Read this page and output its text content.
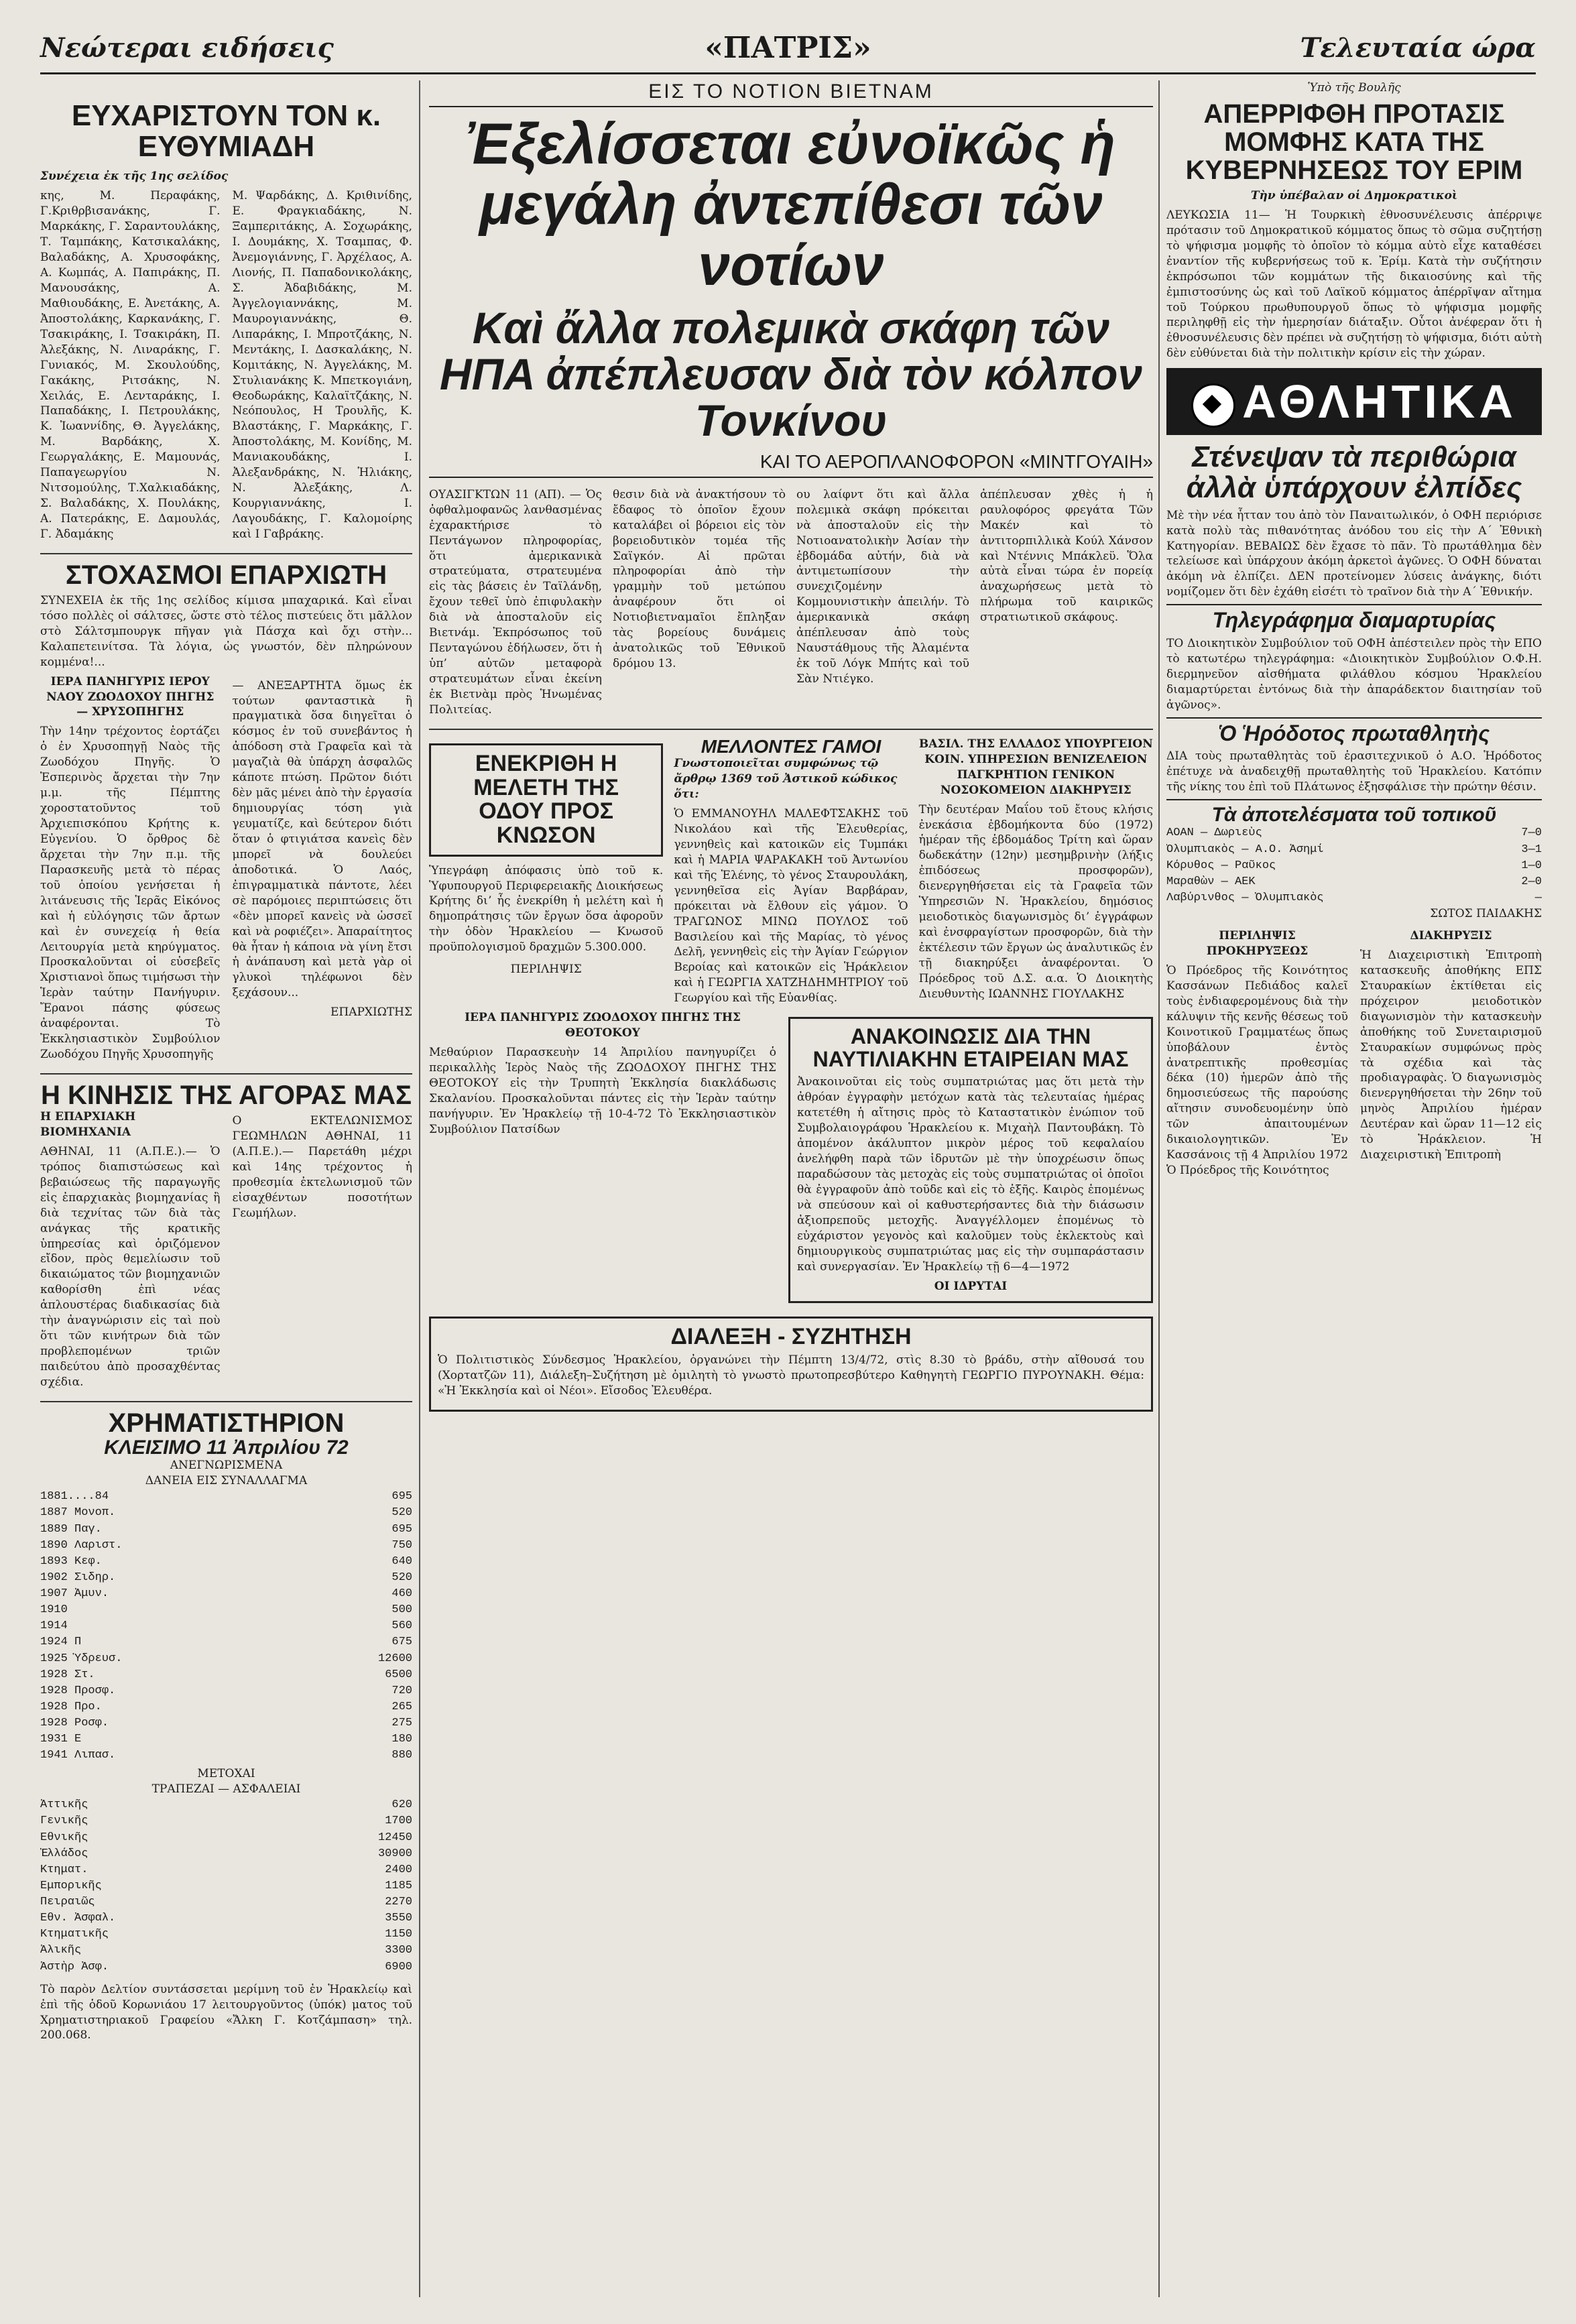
Νεώτεραι ειδήσεις	«ΠΑΤΡΙΣ»	Τελευταία ώρα
ΕΥΧΑΡΙΣΤΟΥΝ ΤΟΝ κ. ΕΥΘΥΜΙΑΔΗ
Συνέχεια ἐκ τῆς 1ης σελίδος
κης, Μ. Περαφάκης, Γ.Κριθρβισανάκης, Γ. Μαρκάκης, Γ. Σαραντουλάκης, Τ. Ταμπάκης, Κατσικαλάκης, Βαλαδάκης, Α. Χρυσοφάκης, Α. Κωμπάς, Α. Παπιράκης, Π. Μανουσάκης, Α. Μαθιουδάκης, Ε. Ἀνετάκης, Α. Ἀποστολάκης, Καρκανάκης, Γ. Τσακιράκης, Ι. Τσακιράκη, Π. Ἀλεξάκης, Ν. Λιναράκης, Γ. Γυνιακός, Μ. Σκουλούδης, Γακάκης, Ριτσάκης, Ν. Χειλάς, Ε. Λενταράκης, Ι. Παπαδάκης, Ι. Πετρουλάκης, Κ. Ἰωαννίδης, Θ. Ἀγγελάκης, Μ. Βαρδάκης, Χ. Γεωργαλάκης, Ε. Μαμουνάς, Παπαγεωργίου Ν. Νιτσομούλης, Τ.Χαλκιαδάκης, Σ. Βαλαδάκης, Χ. Πουλάκης, Α. Πατεράκης, Ε. Δαμουλάς, Γ. Ἀδαμάκης
Μ. Ψαρδάκης, Δ. Κριθινίδης, Ε. Φραγκιαδάκης, Ν. Ξαμπεριτάκης, Α. Σοχωράκης, Ι. Δουμάκης, Χ. Τσαμπας, Φ. Ἀνεμογιάννης, Γ. Ἀρχέλαος, Α. Λιονής, Π. Παπαδονικολάκης, Σ. Ἀδαβιδάκης, Μ. Ἀγγελογιαννάκης, Μ. Μαυρογιαννάκης, Θ. Λιπαράκης, Ι. Μπροτζάκης, Ν. Μεντάκης, Ι. Δασκαλάκης, Ν. Κομιτάκης, Ν. Ἀγγελάκης, Μ. Στυλιανάκης Κ. Μπετκογιάνη, Θεοδωράκης, Καλαϊτζάκης, Ν. Νεόπουλος, Η Τρουλῆς, Κ. Βλαστάκης, Γ. Μαρκάκης, Γ. Ἀποστολάκης, Μ. Κονίδης, Μ. Μανιακουδάκης, Ι. Ἀλεξανδράκης, Ν. Ἡλιάκης, Ν. Ἀλεξάκης, Λ. Κουργιαννάκης, Ι. Λαγουδάκης, Γ. Καλομοίρης καὶ Ι Γαβράκης.
ΣΤΟΧΑΣΜΟΙ ΕΠΑΡΧΙΩΤΗ
ΣΥΝΕΧΕΙΑ ἐκ τῆς 1ης σελίδος κίμισα μπαχαρικά. Καὶ εἶναι τόσο πολλὲς οἱ σάλτσες, ὥστε στὸ τέλος πιστεύεις ὅτι μᾶλλον στὸ Σάλτσμπουργκ πῆγαν γιὰ Πάσχα καὶ ὄχι στὴν... Καλαπετεινίτσα. Τὰ λόγια, ὡς γνωστόν, δὲν πληρώνουν κομμένα!...
ΙΕΡΑ ΠΑΝΗΓΥΡΙΣ ΙΕΡΟΥ ΝΑΟΥ ΖΩΟΔΟΧΟΥ ΠΗΓΗΣ — ΧΡΥΣΟΠΗΓΗΣ
Τὴν 14ην τρέχοντος ἑορτάζει ὁ ἐν Χρυσοπηγῇ Ναὸς τῆς Ζωοδόχου Πηγῆς. Ὁ Ἑσπερινὸς ἄρχεται τὴν 7ην μ.μ. τῆς Πέμπτης χοροστατοῦντος τοῦ Ἀρχιεπισκόπου Κρήτης κ. Εὐγενίου. Ὁ ὄρθρος δὲ ἄρχεται τὴν 7ην π.μ. τῆς Παρασκευῆς μετὰ τὸ πέρας τοῦ ὁποίου γενήσεται ἡ λιτάνευσις τῆς Ἱερᾶς Εἰκόνος καὶ ἡ εὐλόγησις τῶν ἄρτων καὶ ἐν συνεχείᾳ ἡ θεία Λειτουργία μετὰ κηρύγματος. Προσκαλοῦνται οἱ εὐσεβεῖς Χριστιανοὶ ὅπως τιμήσωσι τὴν Ἱερὰν ταύτην Πανήγυριν. Ἔρανοι πάσης φύσεως ἀναφέρονται. Τὸ Ἐκκλησιαστικὸν Συμβούλιον Ζωοδόχου Πηγῆς Χρυσοπηγῆς
— ΑΝΕΞΑΡΤΗΤΑ ὅμως ἐκ τούτων φανταστικὰ ἢ πραγματικὰ ὅσα διηγεῖται ὁ κόσμος ἐν τοῦ συνεβάντος ἡ ἀπόδοση στὰ Γραφεῖα καὶ τὰ μαγαζιὰ θὰ ὑπάρχη ἀσφαλῶς κάποτε πτώση. Πρῶτον διότι δὲν μᾶς μένει ἀπὸ τὴν ἐργασία δημιουργίας τόση γιὰ γευματίζε, καὶ δεύτερον διότι ὅταν ὁ φτιγιάτσα κανεὶς δὲν μπορεῖ νὰ δουλεύει ἀποδοτικά. Ὁ Λαός, ἐπιγραμματικὰ πάντοτε, λέει σὲ παρόμοιες περιπτώσεις ὅτι «δὲν μπορεῖ κανεὶς νὰ ὡσσεῖ καὶ νὰ ροφιέζει». Ἀπαραίτητος θὰ ἦταν ἡ κάποια νὰ γίνη ἔτσι ἡ ἀνάπαυση καὶ μετὰ γὰρ οἱ γλυκοὶ τηλέφωνοι δὲν ξεχάσουν...
ΕΠΑΡΧΙΩΤΗΣ
Η ΚΙΝΗΣΙΣ ΤΗΣ ΑΓΟΡΑΣ ΜΑΣ
Η ΕΠΑΡΧΙΑΚΗ ΒΙΟΜΗΧΑΝΙΑ
ΑΘΗΝΑΙ, 11 (Α.Π.Ε.).— Ὁ τρόπος διαπιστώσεως καὶ βεβαιώσεως τῆς παραγωγῆς εἰς ἐπαρχιακὰς βιομηχανίας ἢ διὰ τεχνίτας τῶν διὰ τὰς ανάγκας τῆς κρατικῆς ὑπηρεσίας καὶ ὁριζόμενον εἴδον, πρὸς θεμελίωσιν τοῦ δικαιώματος τῶν βιομηχανιῶν καθορίσθη ἐπὶ νέας ἁπλουστέρας διαδικασίας διὰ τὴν ἀναγνώρισιν εἰς ταὶ ποὺ ὅτι τῶν κινήτρων διὰ τῶν προβλεπομένων τριῶν παιδεύτου ἀπὸ προσαχθέντας σχέδια.
Ο ΕΚΤΕΛΩΝΙΣΜΟΣ ΓΕΩΜΗΛΩΝ ΑΘΗΝΑΙ, 11 (Α.Π.Ε.).— Παρετάθη μέχρι καὶ 14ης τρέχοντος ἡ προθεσμία ἐκτελωνισμοῦ τῶν εἰσαχθέντων ποσοτήτων Γεωμήλων.
ΧΡΗΜΑΤΙΣΤΗΡΙΟΝ
ΚΛΕΙΣΙΜΟ 11 Ἀπριλίου 72
ΑΝΕΓΝΩΡΙΣΜΕΝΑ
ΔΑΝΕΙΑ ΕΙΣ ΣΥΝΑΛΛΑΓΜΑ
1881....84	695
1887 Μονοπ.	520
1889 Παγ.	695
1890 Λαριστ.	750
1893 Κεφ.	640
1902 Σιδηρ.	520
1907 Ἀμυν.	460
1910	500
1914	560
1924 Π	675
1925 Ὑδρευσ.	12600
1928 Στ.	6500
1928 Προσφ.	720
1928 Προ.	265
1928 Ροσφ.	275
1931 Ε	180
1941 Λιπασ.	880
ΜΕΤΟΧΑΙ
ΤΡΑΠΕΖΑΙ — ΑΣΦΑΛΕΙΑΙ
Ἀττικῆς	620
Γενικῆς	1700
Ἐθνικῆς	12450
Ἑλλάδος	30900
Κτηματ.	2400
Ἐμπορικῆς	1185
Πειραιῶς	2270
Ἐθν. Ἀσφαλ.	3550
Κτηματικῆς	1150
Ἀλικῆς	3300
Ἀστὴρ Ἀσφ.	6900
Τὸ παρὸν Δελτίον συντάσσεται μερίμνη τοῦ ἐν Ἡρακλείῳ καὶ ἐπὶ τῆς ὁδοῦ Κορωνιάου 17 λειτουργοῦντος (ὑπόκ) ματος τοῦ Χρηματιστηριακοῦ Γραφείου «Ἄλκη Γ. Κοτζάμπαση» τηλ. 200.068.
ΕΙΣ ΤΟ ΝΟΤΙΟΝ ΒΙΕΤΝΑΜ
Ἐξελίσσεται εὐνοϊκῶς ἡ μεγάλη ἀντεπίθεσι τῶν νοτίων
Καὶ ἄλλα πολεμικὰ σκάφη τῶν ΗΠΑ ἀπέπλευσαν διὰ τὸν κόλπον Τονκίνου
ΚΑΙ ΤΟ ΑΕΡΟΠΛΑΝΟΦΟΡΟΝ «ΜΙΝΤΓΟΥΑΙΗ»
ΟΥΑΣΙΓΚΤΩΝ 11 (ΑΠ). — Ὁς ὀφθαλμοφανῶς λανθασμένας ἐχαρακτήρισε τὸ Πεντάγωνον πληροφορίας, ὅτι ἀμερικανικὰ στρατεύματα, στρατευμένα εἰς τὰς βάσεις ἐν Ταϊλάνδῃ, ἔχουν τεθεῖ ὑπὸ ἐπιφυλακὴν διὰ νὰ ἀποσταλοῦν εἰς Βιετνάμ. Ἐκπρόσωπος τοῦ Πενταγώνου ἐδήλωσεν, ὅτι ἡ ὑπ’ αὐτῶν μεταφορὰ στρατευμάτων εἶναι ἐκείνη ἐκ Βιετνὰμ πρὸς Ἡνωμένας Πολιτείας.
θεσιν διὰ νὰ ἀνακτήσουν τὸ ἔδαφος τὸ ὁποῖον ἔχουν καταλάβει οἱ βόρειοι εἰς τὸν βορειοδυτικὸν τομέα τῆς Σαϊγκόν. Αἱ πρῶται πληροφορίαι ἀπὸ τὴν γραμμὴν τοῦ μετώπου ἀναφέρουν ὅτι οἱ Νοτιοβιετναμαῖοι ἔπληξαν τὰς βορείους δυνάμεις ἀνατολικῶς τοῦ Ἐθνικοῦ δρόμου 13.
ου λαίφντ ὅτι καὶ ἄλλα πολεμικὰ σκάφη πρόκειται νὰ ἀποσταλοῦν εἰς τὴν Νοτιοανατολικὴν Ἀσίαν τὴν ἑβδομάδα αὐτήν, διὰ νὰ ἀντιμετωπίσουν τὴν συνεχιζομένην Κομμουνιστικὴν ἀπειλήν. Τὸ ἀμερικανικὰ σκάφη ἀπέπλευσαν ἀπὸ τοὺς Ναυστάθμους τῆς Ἀλαμέντα ἐκ τοῦ Λόγκ Μπήτς καὶ τοῦ Σὰν Ντιέγκο.
ἀπέπλευσαν χθὲς ἡ ἡ ραυλοφόρος φρεγάτα Τῶν Μακέν καὶ τὸ ἀντιτορπιλλικὰ Κούλ Χάνσον καὶ Ντέννις Μπάκλεϋ. Ὅλα αὐτὰ εἶναι τώρα ἐν πορείᾳ ἀναχωρήσεως μετὰ τὸ πλήρωμα τοῦ καιρικῶς στρατιωτικοῦ σκάφους.
ΕΝΕΚΡΙΘΗ Η ΜΕΛΕΤΗ ΤΗΣ ΟΔΟΥ ΠΡΟΣ ΚΝΩΣΟΝ
Ὑπεγράφη ἀπόφασις ὑπὸ τοῦ κ. Ὑφυπουργοῦ Περιφερειακῆς Διοικήσεως Κρήτης διʼ ἧς ἐνεκρίθη ἡ μελέτη καὶ ἡ δημοπράτησις τῶν ἔργων ὅσα ἀφοροῦν τὴν ὁδὸν Ἡρακλείου — Κνωσοῦ προϋπολογισμοῦ δραχμῶν 5.300.000.
ΠΕΡΙΛΗΨΙΣ
ΜΕΛΛΟΝΤΕΣ ΓΑΜΟΙ
Γνωστοποιεῖται συμφώνως τῷ ἄρθρῳ 1369 τοῦ Ἀστικοῦ κώδικος ὅτι:
Ὁ ΕΜΜΑΝΟΥΗΛ ΜΑΛΕΦΤΣΑΚΗΣ τοῦ Νικολάου καὶ τῆς Ἐλευθερίας, γεννηθεὶς καὶ κατοικῶν εἰς Τυμπάκι καὶ ἡ ΜΑΡΙΑ ΨΑΡΑΚΑΚΗ τοῦ Ἀντωνίου καὶ τῆς Ἑλένης, τὸ γένος Σταυρουλάκη, γεννηθεῖσα εἰς Ἀγίαν Βαρβάραν, πρόκειται νὰ ἔλθουν εἰς γάμον. Ὁ ΤΡΑΓΩΝΟΣ ΜΙΝΩ ΠΟΥΛΟΣ τοῦ Βασιλείου καὶ τῆς Μαρίας, τὸ γένος Δελῆ, γεννηθεὶς εἰς τὴν Ἁγίαν Γεώργιον Βεροίας καὶ κατοικῶν εἰς Ἡράκλειον καὶ ἡ ΓΕΩΡΓΙΑ ΧΑΤΖΗΔΗΜΗΤΡΙΟΥ τοῦ Γεωργίου καὶ τῆς Εὐανθίας.
ΒΑΣΙΛ. ΤΗΣ ΕΛΛΑΔΟΣ ΥΠΟΥΡΓΕΙΟΝ ΚΟΙΝ. ΥΠΗΡΕΣΙΩΝ ΒΕΝΙΖΕΛΕΙΟΝ ΠΑΓΚΡΗΤΙΟΝ ΓΕΝΙΚΟΝ ΝΟΣΟΚΟΜΕΙΟΝ ΔΙΑΚΗΡΥΞΙΣ
Τὴν δευτέραν Μαΐου τοῦ ἔτους κλήσις ἐνεκάσια ἐβδομήκοντα δύο (1972) ἡμέραν τῆς ἑβδομάδος Τρίτη καὶ ὥραν δωδεκάτην (12ην) μεσημβρινὴν (λήξις ἐπιδόσεως προσφορῶν), διενεργηθήσεται εἰς τὰ Γραφεῖα τῶν Ὑπηρεσιῶν Ν. Ἡρακλείου, δημόσιος μειοδοτικὸς διαγωνισμὸς διʼ ἐγγράφων καὶ ἐνσφραγίστων προσφορῶν, διὰ τὴν ἐκτέλεσιν τῶν ἔργων ὡς ἀναλυτικῶς ἐν τῇ διακηρύξει ἀναφέρονται. Ὁ Πρόεδρος τοῦ Δ.Σ. α.α. Ὁ Διοικητὴς Διευθυντὴς ΙΩΑΝΝΗΣ ΓΙΟΥΛΑΚΗΣ
ΙΕΡΑ ΠΑΝΗΓΥΡΙΣ ΖΩΟΔΟΧΟΥ ΠΗΓΗΣ ΤΗΣ ΘΕΟΤΟΚΟΥ
Μεθαύριον Παρασκευὴν 14 Ἀπριλίου πανηγυρίζει ὁ περικαλλὴς Ἱερὸς Ναὸς τῆς ΖΩΟΔΟΧΟΥ ΠΗΓΗΣ ΤΗΣ ΘΕΟΤΟΚΟΥ εἰς τὴν Τρυπητὴ Ἐκκλησία διακλάδωσις Σκαλανίου. Προσκαλοῦνται πάντες εἰς τὴν Ἱερὰν ταύτην πανήγυριν. Ἐν Ἡρακλείῳ τῇ 10-4-72 Τὸ Ἐκκλησιαστικὸν Συμβούλιον Πατσίδων
ΑΝΑΚΟΙΝΩΣΙΣ ΔΙΑ ΤΗΝ ΝΑΥΤΙΛΙΑΚΗΝ ΕΤΑΙΡΕΙΑΝ ΜΑΣ
Ἀνακοινοῦται εἰς τοὺς συμπατριώτας μας ὅτι μετὰ τὴν ἀθρόαν ἐγγραφὴν μετόχων κατὰ τὰς τελευταίας ἡμέρας κατετέθη ἡ αἴτησις πρὸς τὸ Καταστατικὸν ἐνώπιον τοῦ Συμβολαιογράφου Ἡρακλείου κ. Μιχαὴλ Παντουβάκη. Τὸ ἀπομένον ἀκάλυπτον μικρὸν μέρος τοῦ κεφαλαίου ἀνελήφθη παρὰ τῶν ἱδρυτῶν μὲ τὴν ὑποχρέωσιν ὅπως παραδώσουν τὰς μετοχὰς εἰς τοὺς συμπατριώτας οἱ ὁποῖοι θὰ ἐγγραφοῦν ἀπὸ τοῦδε καὶ εἰς τὸ ἑξῆς. Καιρὸς ἐπομένως νὰ σπεύσουν καὶ οἱ καθυστερήσαντες διὰ τὴν διάσωσιν ἀξιοπρεποῦς μετοχῆς. Ἀναγγέλλομεν ἐπομένως τὸ εὐχάριστον γεγονὸς καὶ καλοῦμεν τοὺς ἐκλεκτοὺς καὶ δημιουργικοὺς συμπατριώτας μας εἰς τὴν συμπαράστασιν καὶ συνεργασίαν. Ἐν Ἡρακλείῳ τῇ 6—4—1972
ΟΙ ΙΔΡΥΤΑΙ
ΔΙΑΛΕΞΗ - ΣΥΖΗΤΗΣΗ
Ὁ Πολιτιστικὸς Σύνδεσμος Ἡρακλείου, ὀργανώνει τὴν Πέμπτη 13/4/72, στὶς 8.30 τὸ βράδυ, στὴν αἴθουσά του (Χορτατζῶν 11), Διάλεξη–Συζήτηση μὲ ὁμιλητὴ τὸ γνωστὸ πρωτοπρεσβύτερο Καθηγητὴ ΓΕΩΡΓΙΟ ΠΥΡΟΥΝΑΚΗ. Θέμα: «Ἡ Ἐκκλησία καὶ οἱ Νέοι». Εἴσοδος Ἐλευθέρα.
Ὑπὸ τῆς Βουλῆς
ΑΠΕΡΡΙΦΘΗ ΠΡΟΤΑΣΙΣ ΜΟΜΦΗΣ ΚΑΤΑ ΤΗΣ ΚΥΒΕΡΝΗΣΕΩΣ ΤΟΥ ΕΡΙΜ
Τὴν ὑπέβαλαν οἱ Δημοκρατικοὶ
ΛΕΥΚΩΣΙΑ 11— Ἡ Τουρκικὴ ἐθνοσυνέλευσις ἀπέρριψε πρότασιν τοῦ Δημοκρατικοῦ κόμματος ὅπως τὸ σῶμα συζητήσῃ τὸ ψήφισμα μομφῆς τὸ ὁποῖον τὸ κόμμα αὐτὸ εἶχε καταθέσει ἐναντίον τῆς κυβερνήσεως τοῦ κ. Ἐρίμ. Κατὰ τὴν συζήτησιν ἐκπρόσωποι τῶν κομμάτων τῆς δικαιοσύνης καὶ τῆς ἐμπιστοσύνης ὡς καὶ τοῦ Λαϊκοῦ κόμματος ἀπέρρῖψαν αἴτημα τοῦ Τούρκου πρωθυπουργοῦ ὅπως τὸ ψήφισμα μομφῆς περιληφθῇ εἰς τὴν ἡμερησίαν διάταξιν. Οὗτοι ἀνέφεραν ὅτι ἡ ἐθνοσυνέλευσις δὲν πρέπει νὰ συζητήσῃ τὸ ψήφισμα, διότι αὐτὴ δὲν εὐθύνεται διὰ τὴν πολιτικὴν κρίσιν εἰς τὴν χώραν.
ΑΘΛΗΤΙΚΑ
Στένεψαν τὰ περιθώρια ἀλλὰ ὑπάρχουν ἐλπίδες
Μὲ τὴν νέα ἧτταν του ἀπὸ τὸν Παναιτωλικόν, ὁ ΟΦΗ περιόρισε κατὰ πολὺ τὰς πιθανότητας ἀνόδου του εἰς τὴν Α΄ Ἐθνικὴ Κατηγορίαν. ΒΕΒΑΙΩΣ δὲν ἔχασε τὸ πᾶν. Τὸ πρωτάθλημα δὲν τελείωσε καὶ ὑπάρχουν ἀκόμη ἀρκετοὶ ἀγῶνες. Ὁ ΟΦΗ δύναται ἀκόμη νὰ ἐλπίζει. ΔΕΝ προτείνομεν λύσεις ἀνάγκης, διότι νομίζομεν ὅτι δὲν ἐχάθη εἰσέτι τὸ τραῖνον διὰ τὴν Α΄ Ἐθνικήν.
Τηλεγράφημα διαμαρτυρίας
ΤΟ Διοικητικὸν Συμβούλιον τοῦ ΟΦΗ ἀπέστειλεν πρὸς τὴν ΕΠΟ τὸ κατωτέρω τηλεγράφημα: «Διοικητικὸν Συμβούλιον Ο.Φ.Η. διερμηνεῦον αἰσθήματα φιλάθλου κόσμου Ἡρακλείου διαμαρτύρεται ἐντόνως διὰ τὴν ἀπαράδεκτον διαιτησίαν τοῦ ἀγῶνος».
Ὁ Ἡρόδοτος πρωταθλητὴς
ΔΙΑ τοὺς πρωταθλητὰς τοῦ ἐρασιτεχνικοῦ ὁ Α.Ο. Ἡρόδοτος ἐπέτυχε νὰ ἀναδειχθῇ πρωταθλητὴς τοῦ Ἡρακλείου. Κατόπιν τῆς νίκης του ἐπὶ τοῦ Πλάτωνος ἐξησφάλισε τὴν πρώτην θέσιν.
Τὰ ἀποτελέσματα τοῦ τοπικοῦ
ΑΟΑΝ — Δωριεὺς	7—0
Ὀλυμπιακὸς — Α.Ο. Ἀσημί	3—1
Κόρυθος — Ραῦκος	1—0
Μαραθὼν — ΑΕΚ	2—0
Λαβύρινθος — Ὀλυμπιακὸς	—
ΣΩΤΟΣ ΠΑΙΔΑΚΗΣ
ΠΕΡΙΛΗΨΙΣ ΠΡΟΚΗΡΥΞΕΩΣ
Ὁ Πρόεδρος τῆς Κοινότητος Κασσάνων Πεδιάδος καλεῖ τοὺς ἐνδιαφερομένους διὰ τὴν κάλυψιν τῆς κενῆς θέσεως τοῦ Κοινοτικοῦ Γραμματέως ὅπως ὑποβάλουν ἐντὸς ἀνατρεπτικῆς προθεσμίας δέκα (10) ἡμερῶν ἀπὸ τῆς δημοσιεύσεως τῆς παρούσης αἴτησιν συνοδευομένην ὑπὸ τῶν ἀπαιτουμένων δικαιολογητικῶν. Ἐν Κασσάνοις τῇ 4 Ἀπριλίου 1972 Ὁ Πρόεδρος τῆς Κοινότητος
ΔΙΑΚΗΡΥΞΙΣ
Ἡ Διαχειριστικὴ Ἐπιτροπὴ κατασκευῆς ἀποθήκης ΕΠΣ Σταυρακίων ἐκτίθεται εἰς πρόχειρον μειοδοτικὸν διαγωνισμὸν τὴν κατασκευὴν ἀποθήκης τοῦ Συνεταιρισμοῦ Σταυρακίων συμφώνως πρὸς τὰ σχέδια καὶ τὰς προδιαγραφὰς. Ὁ διαγωνισμὸς διενεργηθήσεται τὴν 26ην τοῦ μηνὸς Ἀπριλίου ἡμέραν Δευτέραν καὶ ὥραν 11—12 εἰς τὸ Ἡράκλειον. Ἡ Διαχειριστικὴ Ἐπιτροπὴ
